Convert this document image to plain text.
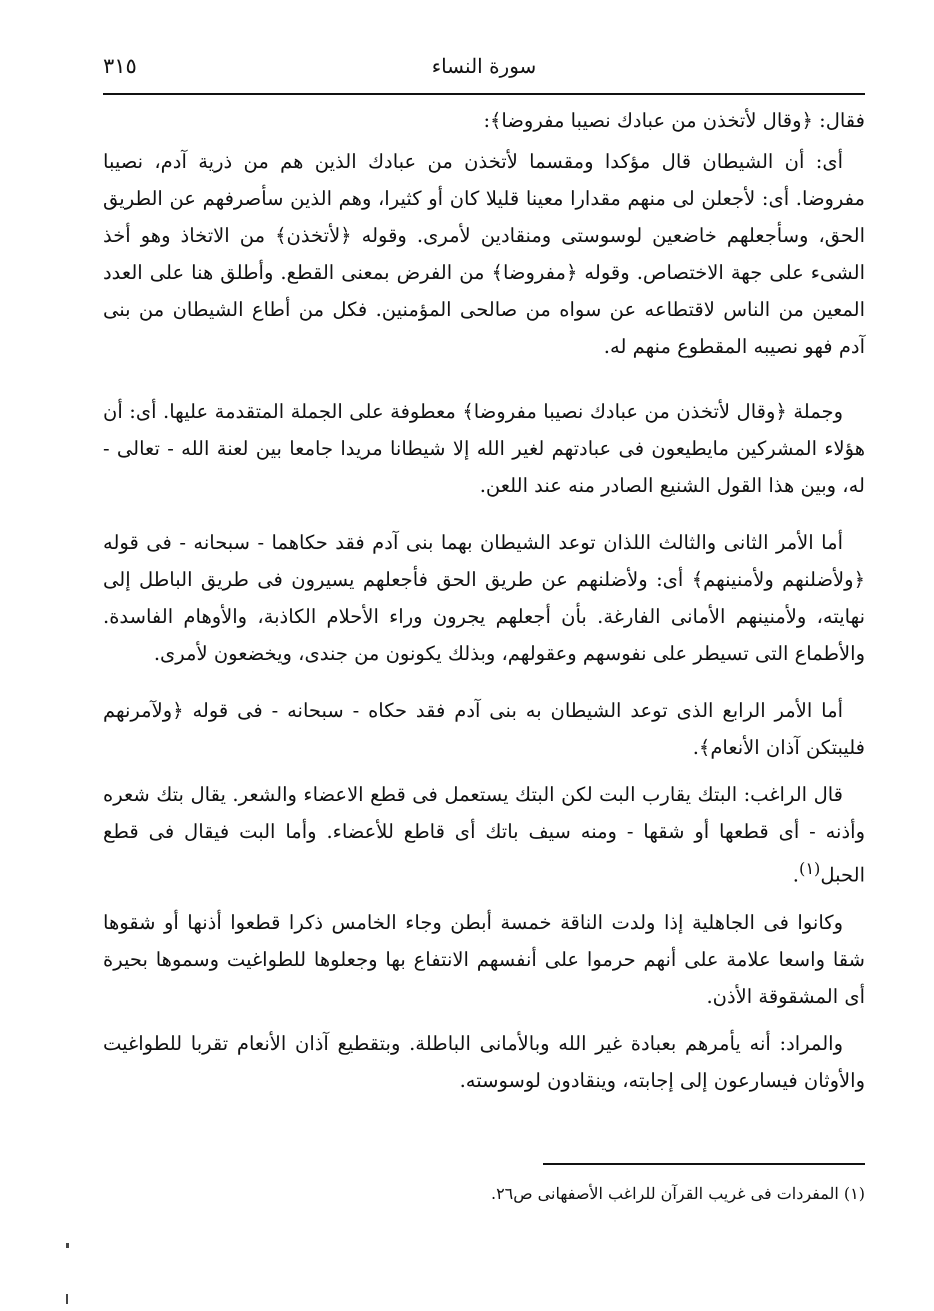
سورة النساء
٣١٥

فقال: ﴿وقال لأتخذن من عبادك نصيبا مفروضا﴾:

أى: أن الشيطان قال مؤكدا ومقسما لأتخذن من عبادك الذين هم من ذرية آدم، نصيبا مفروضا. أى: لأجعلن لى منهم مقدارا معينا قليلا كان أو كثيرا، وهم الذين سأصرفهم عن الطريق الحق، وسأجعلهم خاضعين لوسوستى ومنقادين لأمرى. وقوله ﴿لأتخذن﴾ من الاتخاذ وهو أخذ الشىء على جهة الاختصاص. وقوله ﴿مفروضا﴾ من الفرض بمعنى القطع. وأطلق هنا على العدد المعين من الناس لاقتطاعه عن سواه من صالحى المؤمنين. فكل من أطاع الشيطان من بنى آدم فهو نصيبه المقطوع منهم له.

وجملة ﴿وقال لأتخذن من عبادك نصيبا مفروضا﴾ معطوفة على الجملة المتقدمة عليها. أى: أن هؤلاء المشركين مايطيعون فى عبادتهم لغير الله إلا شيطانا مريدا جامعا بين لعنة الله - تعالى - له، وبين هذا القول الشنيع الصادر منه عند اللعن.

أما الأمر الثانى والثالث اللذان توعد الشيطان بهما بنى آدم فقد حكاهما - سبحانه - فى قوله ﴿ولأضلنهم ولأمنينهم﴾ أى: ولأضلنهم عن طريق الحق فأجعلهم يسيرون فى طريق الباطل إلى نهايته، ولأمنينهم الأمانى الفارغة. بأن أجعلهم يجرون وراء الأحلام الكاذبة، والأوهام الفاسدة. والأطماع التى تسيطر على نفوسهم وعقولهم، وبذلك يكونون من جندى، ويخضعون لأمرى.

أما الأمر الرابع الذى توعد الشيطان به بنى آدم فقد حكاه - سبحانه - فى قوله ﴿ولآمرنهم فليبتكن آذان الأنعام﴾.

قال الراغب: البتك يقارب البت لكن البتك يستعمل فى قطع الاعضاء والشعر. يقال بتك شعره وأذنه - أى قطعها أو شقها - ومنه سيف باتك أى قاطع للأعضاء. وأما البت فيقال فى قطع الحبل$^{(١)}$.

وكانوا فى الجاهلية إذا ولدت الناقة خمسة أبطن وجاء الخامس ذكرا قطعوا أذنها أو شقوها شقا واسعا علامة على أنهم حرموا على أنفسهم الانتفاع بها وجعلوها للطواغيت وسموها بحيرة أى المشقوقة الأذن.

والمراد: أنه يأمرهم بعبادة غير الله وبالأمانى الباطلة. وبتقطيع آذان الأنعام تقربا للطواغيت والأوثان فيسارعون إلى إجابته، وينقادون لوسوسته.

(١) المفردات فى غريب القرآن للراغب الأصفهانى ص٢٦.
